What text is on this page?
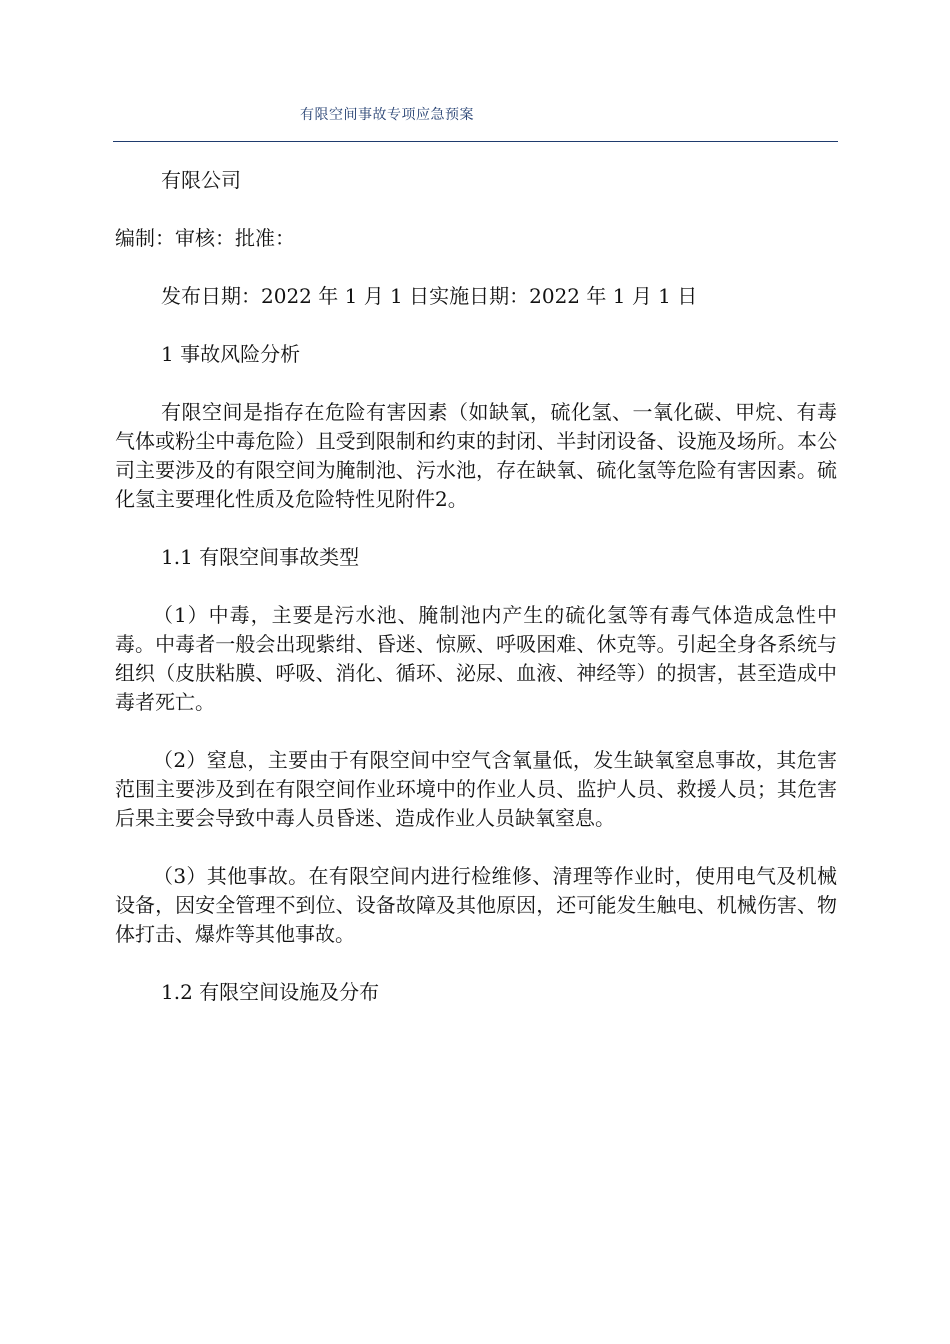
有限空间事故专项应急预案

有限公司

编制：审核：批准：

发布日期：2022 年 1 月 1 日实施日期：2022 年 1 月 1 日

1 事故风险分析

有限空间是指存在危险有害因素（如缺氧，硫化氢、一氧化碳、甲烷、有毒气体或粉尘中毒危险）且受到限制和约束的封闭、半封闭设备、设施及场所。本公司主要涉及的有限空间为腌制池、污水池，存在缺氧、硫化氢等危险有害因素。硫化氢主要理化性质及危险特性见附件2。

1.1 有限空间事故类型

（1）中毒，主要是污水池、腌制池内产生的硫化氢等有毒气体造成急性中毒。中毒者一般会出现紫绀、昏迷、惊厥、呼吸困难、休克等。引起全身各系统与组织（皮肤粘膜、呼吸、消化、循环、泌尿、血液、神经等）的损害，甚至造成中毒者死亡。

（2）窒息，主要由于有限空间中空气含氧量低，发生缺氧窒息事故，其危害范围主要涉及到在有限空间作业环境中的作业人员、监护人员、救援人员；其危害后果主要会导致中毒人员昏迷、造成作业人员缺氧窒息。

（3）其他事故。在有限空间内进行检维修、清理等作业时，使用电气及机械设备，因安全管理不到位、设备故障及其他原因，还可能发生触电、机械伤害、物体打击、爆炸等其他事故。

1.2 有限空间设施及分布
